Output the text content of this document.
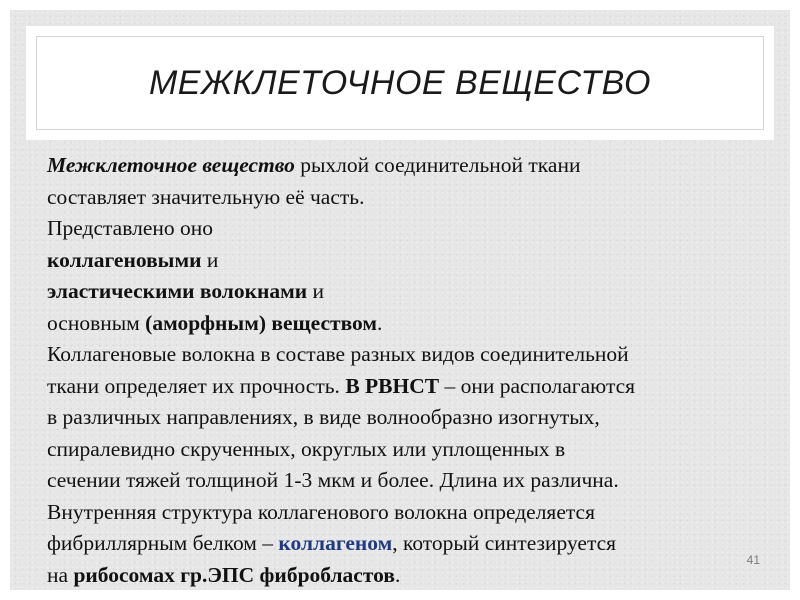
МЕЖКЛЕТОЧНОЕ ВЕЩЕСТВО

Межклеточное вещество рыхлой соединительной ткани

составляет значительную её часть.

Представлено оно

коллагеновыми и

эластическими волокнами и

основным (аморфным) веществом.

Коллагеновые волокна в составе разных видов соединительной

ткани определяет их прочность. В РВНСТ – они располагаются

в различных направлениях, в виде волнообразно изогнутых,

спиралевидно скрученных, округлых или уплощенных в

сечении тяжей толщиной 1-3 мкм и более. Длина их различна.

Внутренняя структура коллагенового волокна определяется

фибриллярным белком – коллагеном, который синтезируется

на рибосомах гр.ЭПС фибробластов.

41
